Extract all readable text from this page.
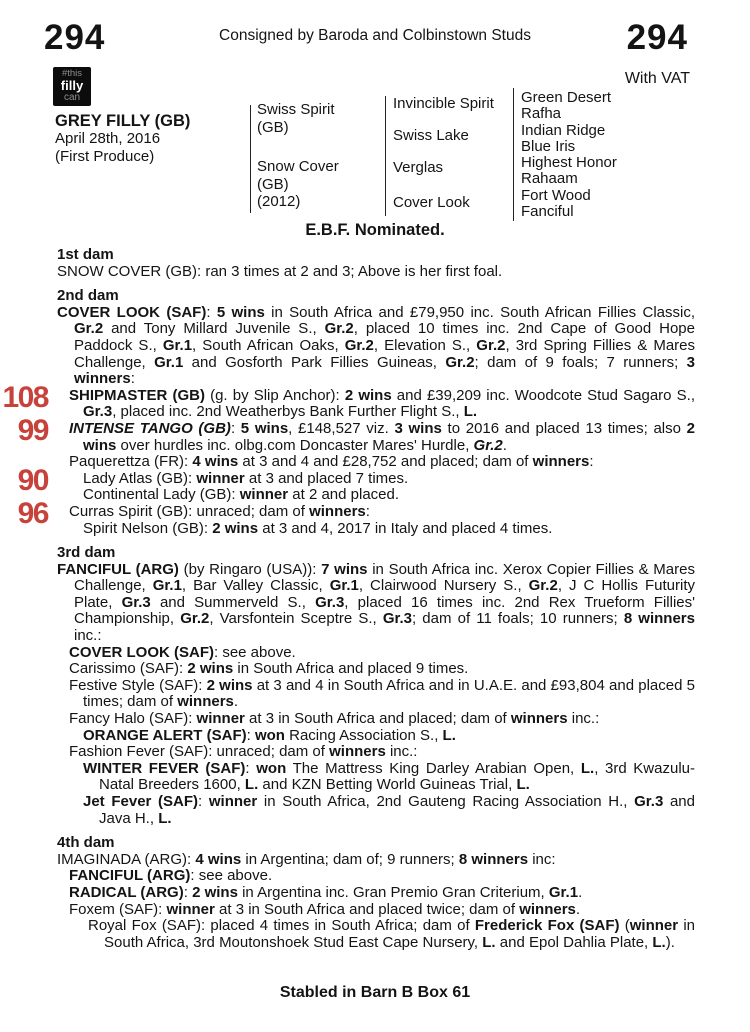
294	Consigned by Baroda and Colbinstown Studs	294
With VAT
#this
filly
can
GREY FILLY (GB)
April 28th, 2016
(First Produce)
Swiss Spirit
(GB)
Snow Cover
(GB)
(2012)
Invincible Spirit
Swiss Lake
Verglas
Cover Look
Green Desert
Rafha
Indian Ridge
Blue Iris
Highest Honor
Rahaam
Fort Wood
Fanciful
E.B.F. Nominated.
1st dam

SNOW COVER (GB): ran 3 times at 2 and 3; Above is her first foal.

2nd dam

COVER LOOK (SAF): 5 wins in South Africa and £79,950 inc. South African Fillies Classic, Gr.2 and Tony Millard Juvenile S., Gr.2, placed 10 times inc. 2nd Cape of Good Hope Paddock S., Gr.1, South African Oaks, Gr.2, Elevation S., Gr.2, 3rd Spring Fillies & Mares Challenge, Gr.1 and Gosforth Park Fillies Guineas, Gr.2; dam of 9 foals; 7 runners; 3 winners:

108 SHIPMASTER (GB) (g. by Slip Anchor): 2 wins and £39,209 inc. Woodcote Stud Sagaro S., Gr.3, placed inc. 2nd Weatherbys Bank Further Flight S., L.

99 INTENSE TANGO (GB): 5 wins, £148,527 viz. 3 wins to 2016 and placed 13 times; also 2 wins over hurdles inc. olbg.com Doncaster Mares' Hurdle, Gr.2.

Paquerettza (FR): 4 wins at 3 and 4 and £28,752 and placed; dam of winners:

90 Lady Atlas (GB): winner at 3 and placed 7 times.

Continental Lady (GB): winner at 2 and placed.

96 Curras Spirit (GB): unraced; dam of winners:

Spirit Nelson (GB): 2 wins at 3 and 4, 2017 in Italy and placed 4 times.

3rd dam

FANCIFUL (ARG) (by Ringaro (USA)): 7 wins in South Africa inc. Xerox Copier Fillies & Mares Challenge, Gr.1, Bar Valley Classic, Gr.1, Clairwood Nursery S., Gr.2, J C Hollis Futurity Plate, Gr.3 and Summerveld S., Gr.3, placed 16 times inc. 2nd Rex Trueform Fillies' Championship, Gr.2, Varsfontein Sceptre S., Gr.3; dam of 11 foals; 10 runners; 8 winners inc.:

COVER LOOK (SAF): see above.

Carissimo (SAF): 2 wins in South Africa and placed 9 times.

Festive Style (SAF): 2 wins at 3 and 4 in South Africa and in U.A.E. and £93,804 and placed 5 times; dam of winners.

Fancy Halo (SAF): winner at 3 in South Africa and placed; dam of winners inc.:

ORANGE ALERT (SAF): won Racing Association S., L.

Fashion Fever (SAF): unraced; dam of winners inc.:

WINTER FEVER (SAF): won The Mattress King Darley Arabian Open, L., 3rd Kwazulu-Natal Breeders 1600, L. and KZN Betting World Guineas Trial, L.

Jet Fever (SAF): winner in South Africa, 2nd Gauteng Racing Association H., Gr.3 and Java H., L.

4th dam

IMAGINADA (ARG): 4 wins in Argentina; dam of; 9 runners; 8 winners inc:

FANCIFUL (ARG): see above.

RADICAL (ARG): 2 wins in Argentina inc. Gran Premio Gran Criterium, Gr.1.

Foxem (SAF): winner at 3 in South Africa and placed twice; dam of winners.

Royal Fox (SAF): placed 4 times in South Africa; dam of Frederick Fox (SAF) (winner in South Africa, 3rd Moutonshoek Stud East Cape Nursery, L. and Epol Dahlia Plate, L.).

Stabled in Barn B Box 61
